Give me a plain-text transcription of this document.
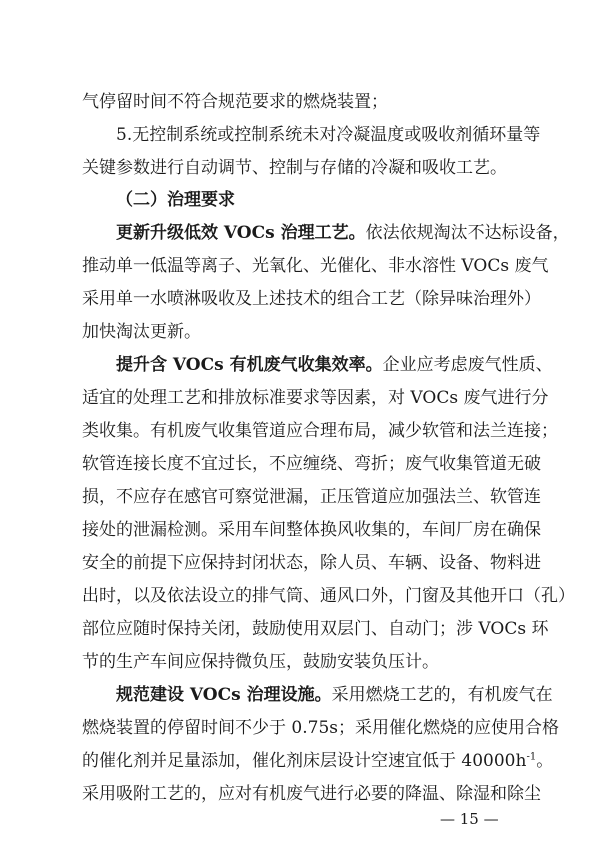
气停留时间不符合规范要求的燃烧装置；
5.无控制系统或控制系统未对冷凝温度或吸收剂循环量等
关键参数进行自动调节、控制与存储的冷凝和吸收工艺。
（二）治理要求
更新升级低效 VOCs 治理工艺。依法依规淘汰不达标设备，
推动单一低温等离子、光氧化、光催化、非水溶性 VOCs 废气
采用单一水喷淋吸收及上述技术的组合工艺（除异味治理外）
加快淘汰更新。
提升含 VOCs 有机废气收集效率。企业应考虑废气性质、
适宜的处理工艺和排放标准要求等因素，对 VOCs 废气进行分
类收集。有机废气收集管道应合理布局，减少软管和法兰连接；
软管连接长度不宜过长，不应缠绕、弯折；废气收集管道无破
损，不应存在感官可察觉泄漏，正压管道应加强法兰、软管连
接处的泄漏检测。采用车间整体换风收集的，车间厂房在确保
安全的前提下应保持封闭状态，除人员、车辆、设备、物料进
出时，以及依法设立的排气筒、通风口外，门窗及其他开口（孔）
部位应随时保持关闭，鼓励使用双层门、自动门；涉 VOCs 环
节的生产车间应保持微负压，鼓励安装负压计。
规范建设 VOCs 治理设施。采用燃烧工艺的，有机废气在
燃烧装置的停留时间不少于 0.75s；采用催化燃烧的应使用合格
的催化剂并足量添加，催化剂床层设计空速宜低于 $40000h^{-1}$。
采用吸附工艺的，应对有机废气进行必要的降温、除湿和除尘
— 15 —
